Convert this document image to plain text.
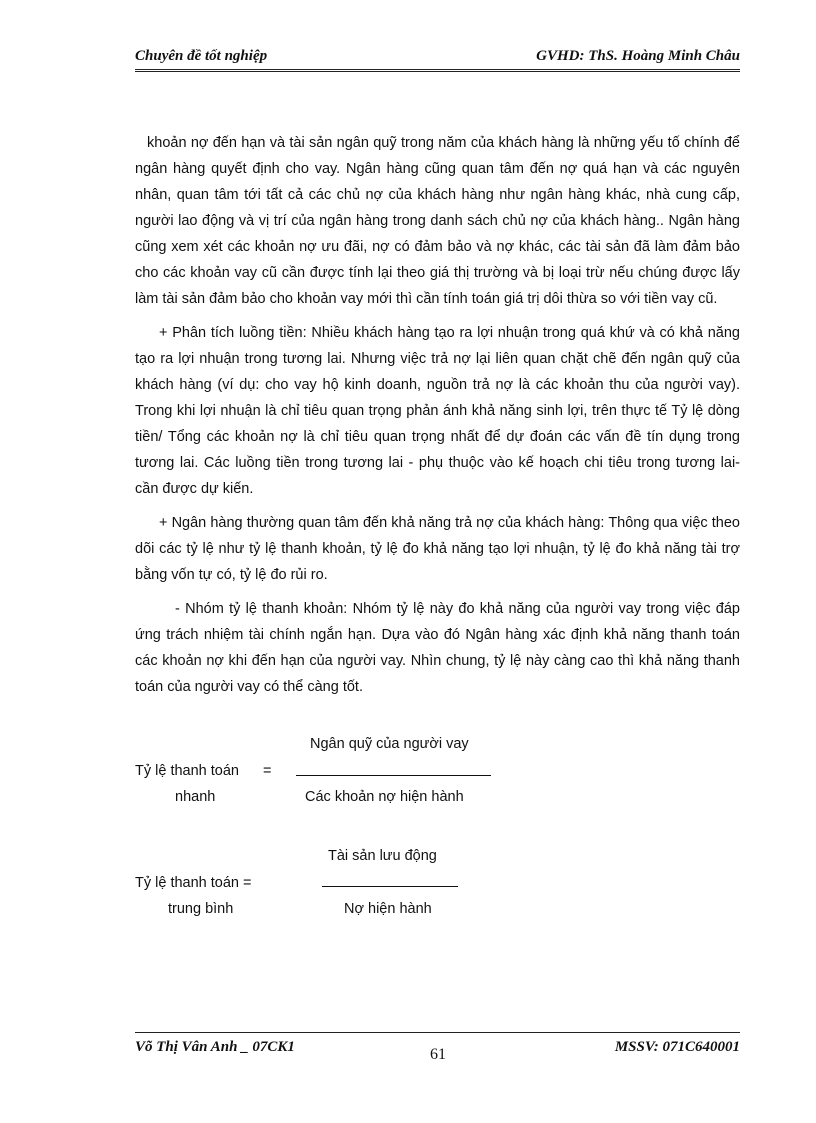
Chuyên đề tốt nghiệp	GVHD: ThS. Hoàng Minh Châu

khoản nợ đến hạn và tài sản ngân quỹ trong năm của khách hàng là những yếu tố chính để ngân hàng quyết định cho vay. Ngân hàng cũng quan tâm đến nợ quá hạn và các nguyên nhân, quan tâm tới tất cả các chủ nợ của khách hàng như ngân hàng khác, nhà cung cấp, người lao động và vị trí của ngân hàng trong danh sách chủ nợ của khách hàng.. Ngân hàng cũng xem xét các khoản nợ ưu đãi, nợ có đảm bảo và nợ khác, các tài sản đã làm đảm bảo cho các khoản vay cũ cần được tính lại theo giá thị trường và bị loại trừ nếu chúng được lấy làm tài sản đảm bảo cho khoản vay mới thì cần tính toán giá trị dôi thừa so với tiền vay cũ.

+ Phân tích luồng tiền: Nhiều khách hàng tạo ra lợi nhuận trong quá khứ và có khả năng tạo ra lợi nhuận trong tương lai. Nhưng việc trả nợ lại liên quan chặt chẽ đến ngân quỹ của khách hàng (ví dụ: cho vay hộ kinh doanh, nguồn trả nợ là các khoản thu của người vay). Trong khi lợi nhuận là chỉ tiêu quan trọng phản ánh khả năng sinh lợi, trên thực tế Tỷ lệ dòng tiền/ Tổng các khoản nợ là chỉ tiêu quan trọng nhất để dự đoán các vấn đề tín dụng trong tương lai. Các luồng tiền trong tương lai - phụ thuộc vào kế hoạch chi tiêu trong tương lai- cần được dự kiến.

+ Ngân hàng thường quan tâm đến khả năng trả nợ của khách hàng: Thông qua việc theo dõi các tỷ lệ như tỷ lệ thanh khoản, tỷ lệ đo khả năng tạo lợi nhuận, tỷ lệ đo khả năng tài trợ bằng vốn tự có, tỷ lệ đo rủi ro.

- Nhóm tỷ lệ thanh khoản: Nhóm tỷ lệ này đo khả năng của người vay trong việc đáp ứng trách nhiệm tài chính ngắn hạn. Dựa vào đó Ngân hàng xác định khả năng thanh toán các khoản nợ khi đến hạn của người vay. Nhìn chung, tỷ lệ này càng cao thì khả năng thanh toán của người vay có thể càng tốt.

Ngân quỹ của người vay
Tỷ lệ thanh toán =
nhanh	Các khoản nợ hiện hành
Tài sản lưu động
Tỷ lệ thanh toán =
trung bình	Nợ hiện hành
Võ Thị Vân Anh _ 07CK1	MSSV: 071C640001
61
